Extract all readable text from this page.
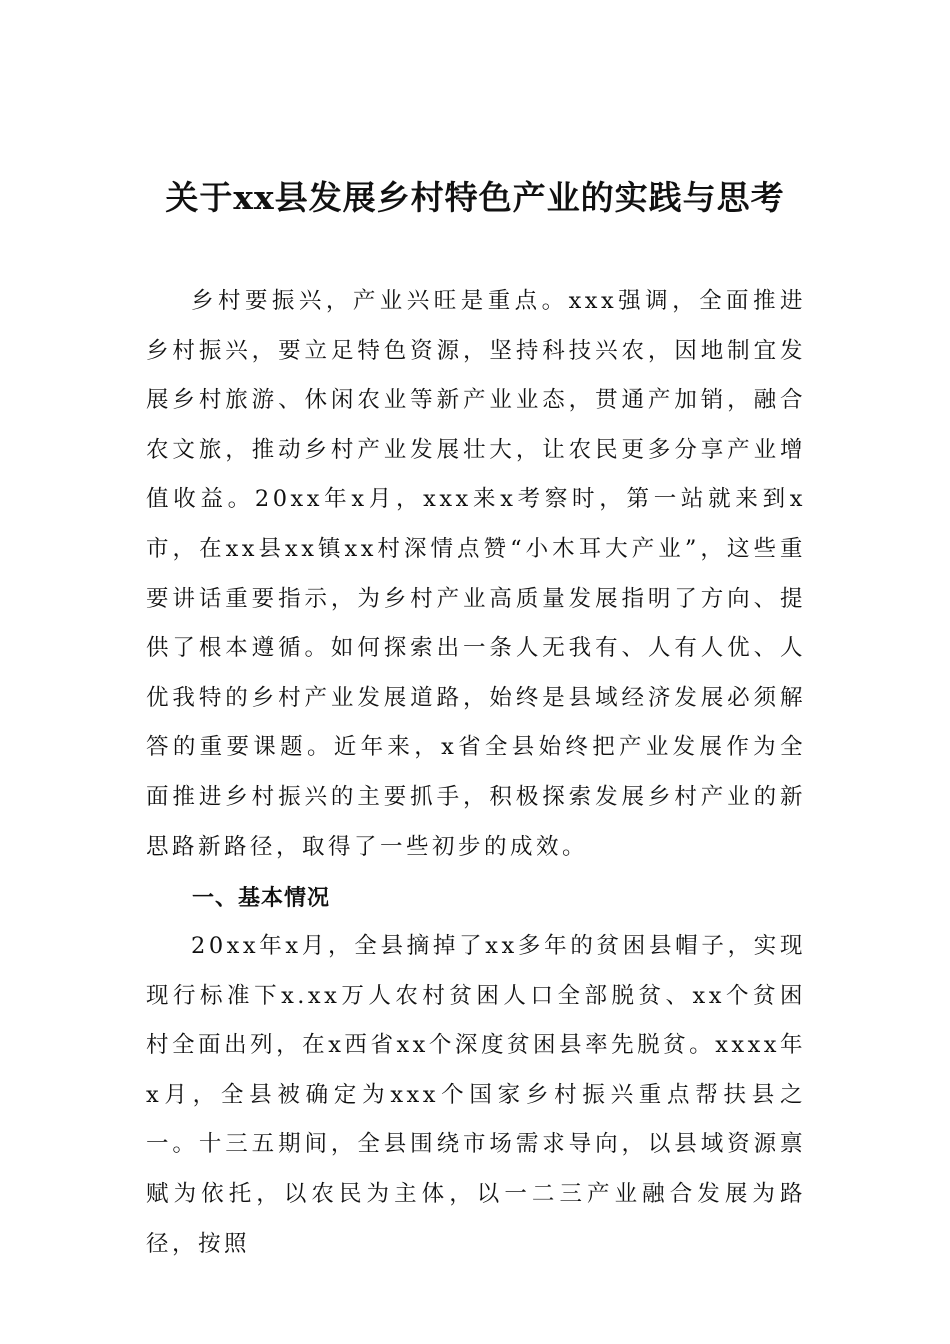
关于xx县发展乡村特色产业的实践与思考

乡村要振兴，产业兴旺是重点。xxx强调，全面推进乡村振兴，要立足特色资源，坚持科技兴农，因地制宜发展乡村旅游、休闲农业等新产业业态，贯通产加销，融合农文旅，推动乡村产业发展壮大，让农民更多分享产业增值收益。20xx年x月，xxx来x考察时，第一站就来到x市，在xx县xx镇xx村深情点赞“小木耳大产业”，这些重要讲话重要指示，为乡村产业高质量发展指明了方向、提供了根本遵循。如何探索出一条人无我有、人有人优、人优我特的乡村产业发展道路，始终是县域经济发展必须解答的重要课题。近年来，x省全县始终把产业发展作为全面推进乡村振兴的主要抓手，积极探索发展乡村产业的新思路新路径，取得了一些初步的成效。

一、基本情况

20xx年x月，全县摘掉了xx多年的贫困县帽子，实现现行标准下x.xx万人农村贫困人口全部脱贫、xx个贫困村全面出列，在x西省xx个深度贫困县率先脱贫。xxxx年x月，全县被确定为xxx个国家乡村振兴重点帮扶县之一。十三五期间，全县围绕市场需求导向，以县域资源禀赋为依托，以农民为主体，以一二三产业融合发展为路径，按照
